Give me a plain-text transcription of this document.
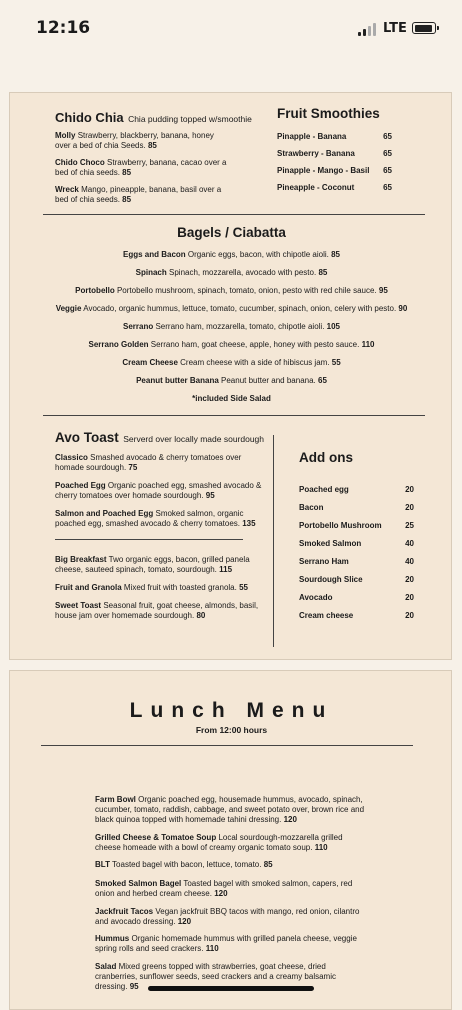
12:16	LTE
Chido Chia Chia pudding topped w/smoothie
Molly Strawberry, blackberry, banana, honey over a bed of chia Seeds. 85
Chido Choco Strawberry, banana, cacao over a bed of chia seeds. 85
Wreck Mango, pineapple, banana, basil over a bed of chia seeds. 85
Fruit Smoothies
Pinapple - Banana	65
Strawberry - Banana	65
Pinapple - Mango - Basil	65
Pineapple - Coconut	65
Bagels / Ciabatta
Eggs and Bacon Organic eggs, bacon, with chipotle aioli. 85
Spinach Spinach, mozzarella, avocado with pesto. 85
Portobello Portobello mushroom, spinach, tomato, onion, pesto with red chile sauce. 95
Veggie Avocado, organic hummus, lettuce, tomato, cucumber, spinach, onion, celery with pesto. 90
Serrano Serrano ham, mozzarella, tomato, chipotle aioli. 105
Serrano Golden Serrano ham, goat cheese, apple, honey with pesto sauce. 110
Cream Cheese Cream cheese with a side of hibiscus jam. 55
Peanut butter Banana Peanut butter and banana. 65
*included Side Salad
Avo Toast Serverd over locally made sourdough
Classico Smashed avocado & cherry tomatoes over homade sourdough. 75
Poached Egg Organic poached egg, smashed avocado & cherry tomatoes over homade sourdough. 95
Salmon and Poached Egg Smoked salmon, organic poached egg, smashed avocado & cherry tomatoes. 135
Big Breakfast Two organic eggs, bacon, grilled panela cheese, sauteed spinach, tomato, sourdough. 115
Fruit and Granola Mixed fruit with toasted granola. 55
Sweet Toast Seasonal fruit, goat cheese, almonds, basil, house jam over homemade sourdough. 80
Add ons
Poached egg	20
Bacon	20
Portobello Mushroom	25
Smoked Salmon	40
Serrano Ham	40
Sourdough Slice	20
Avocado	20
Cream cheese	20
Lunch Menu
From 12:00 hours
Farm Bowl Organic poached egg, housemade hummus, avocado, spinach, cucumber, tomato, raddish, cabbage, and sweet potato over, brown rice and black quinoa topped with homemade tahini dressing. 120
Grilled Cheese & Tomatoe Soup Local sourdough-mozzarella grilled cheese homeade with a bowl of creamy organic tomato soup. 110
BLT Toasted bagel with bacon, lettuce, tomato. 85
Smoked Salmon Bagel Toasted bagel with smoked salmon, capers, red onion and herbed cream cheese. 120
Jackfruit Tacos Vegan jackfruit BBQ tacos with mango, red onion, cilantro and avocado dressing. 120
Hummus Organic homemade hummus with grilled panela cheese, veggie spring rolls and seed crackers. 110
Salad Mixed greens topped with strawberries, goat cheese, dried cranberries, sunflower seeds, seed crackers and a creamy balsamic dressing. 95
